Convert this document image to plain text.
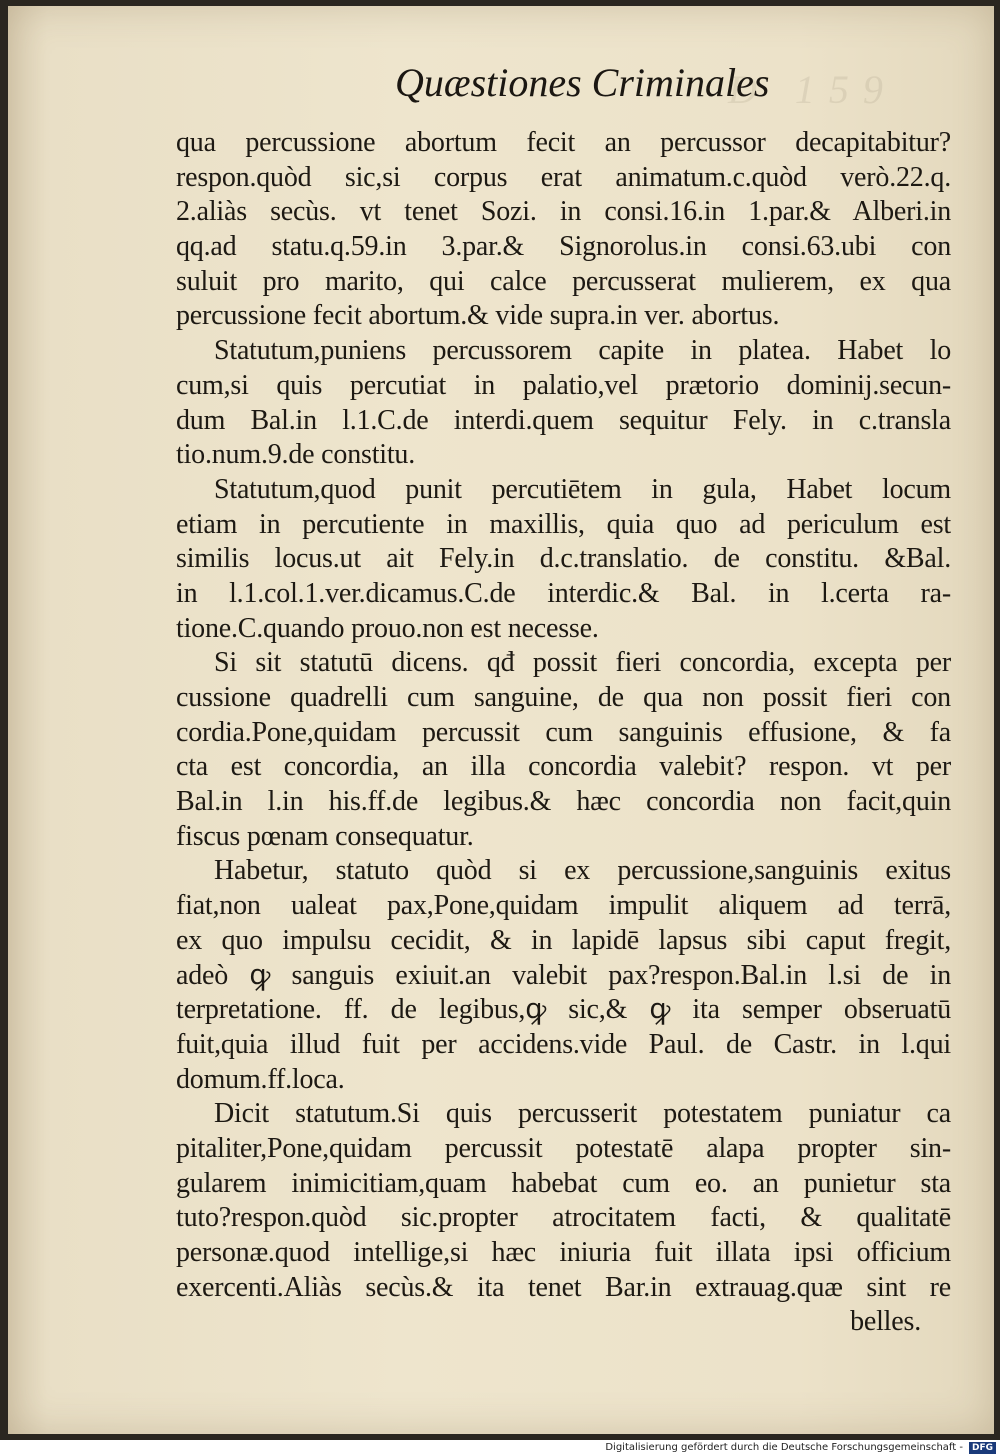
D   1 5 9
Quæstiones Criminales
qua percussione abortum fecit an percussor decapitabitur?
respon.quòd sic,si corpus erat animatum.c.quòd verò.22.q.
2.aliàs secùs. vt tenet Sozi. in consi.16.in 1.par.& Alberi.in
qq.ad statu.q.59.in 3.par.& Signorolus.in consi.63.ubi con
suluit pro marito, qui calce percusserat mulierem, ex qua
percussione fecit abortum.& vide supra.in ver. abortus.
Statutum,puniens percussorem capite in platea. Habet lo
cum,si quis percutiat in palatio,vel prætorio dominij.secun-
dum Bal.in l.1.C.de interdi.quem sequitur Fely. in c.transla
tio.num.9.de constitu.
Statutum,quod punit percutiētem in gula, Habet locum
etiam in percutiente in maxillis, quia quo ad periculum est
similis locus.ut ait Fely.in d.c.translatio. de constitu. &Bal.
in l.1.col.1.ver.dicamus.C.de interdic.& Bal. in l.certa ra-
tione.C.quando prouo.non est necesse.
Si sit statutū dicens. qđ possit fieri concordia, excepta per
cussione quadrelli cum sanguine, de qua non possit fieri con
cordia.Pone,quidam percussit cum sanguinis effusione, & fa
cta est concordia, an illa concordia valebit? respon. vt per
Bal.in l.in his.ff.de legibus.& hæc concordia non facit,quin
fiscus pœnam consequatur.
Habetur, statuto quòd si ex percussione,sanguinis exitus
fiat,non ualeat pax,Pone,quidam impulit aliquem ad terrā,
ex quo impulsu cecidit, & in lapidē lapsus sibi caput fregit,
adeò ꝙ sanguis exiuit.an valebit pax?respon.Bal.in l.si de in
terpretatione. ff. de legibus,ꝙ sic,& ꝙ ita semper obseruatū
fuit,quia illud fuit per accidens.vide Paul. de Castr. in l.qui
domum.ff.loca.
Dicit statutum.Si quis percusserit potestatem puniatur ca
pitaliter,Pone,quidam percussit potestatē alapa propter sin-
gularem inimicitiam,quam habebat cum eo. an punietur sta
tuto?respon.quòd sic.propter atrocitatem facti, & qualitatē
personæ.quod intellige,si hæc iniuria fuit illata ipsi officium
exercenti.Aliàs secùs.& ita tenet Bar.in extrauag.quæ sint re
belles.
Digitalisierung gefördert durch die Deutsche Forschungsgemeinschaft -	DFG
